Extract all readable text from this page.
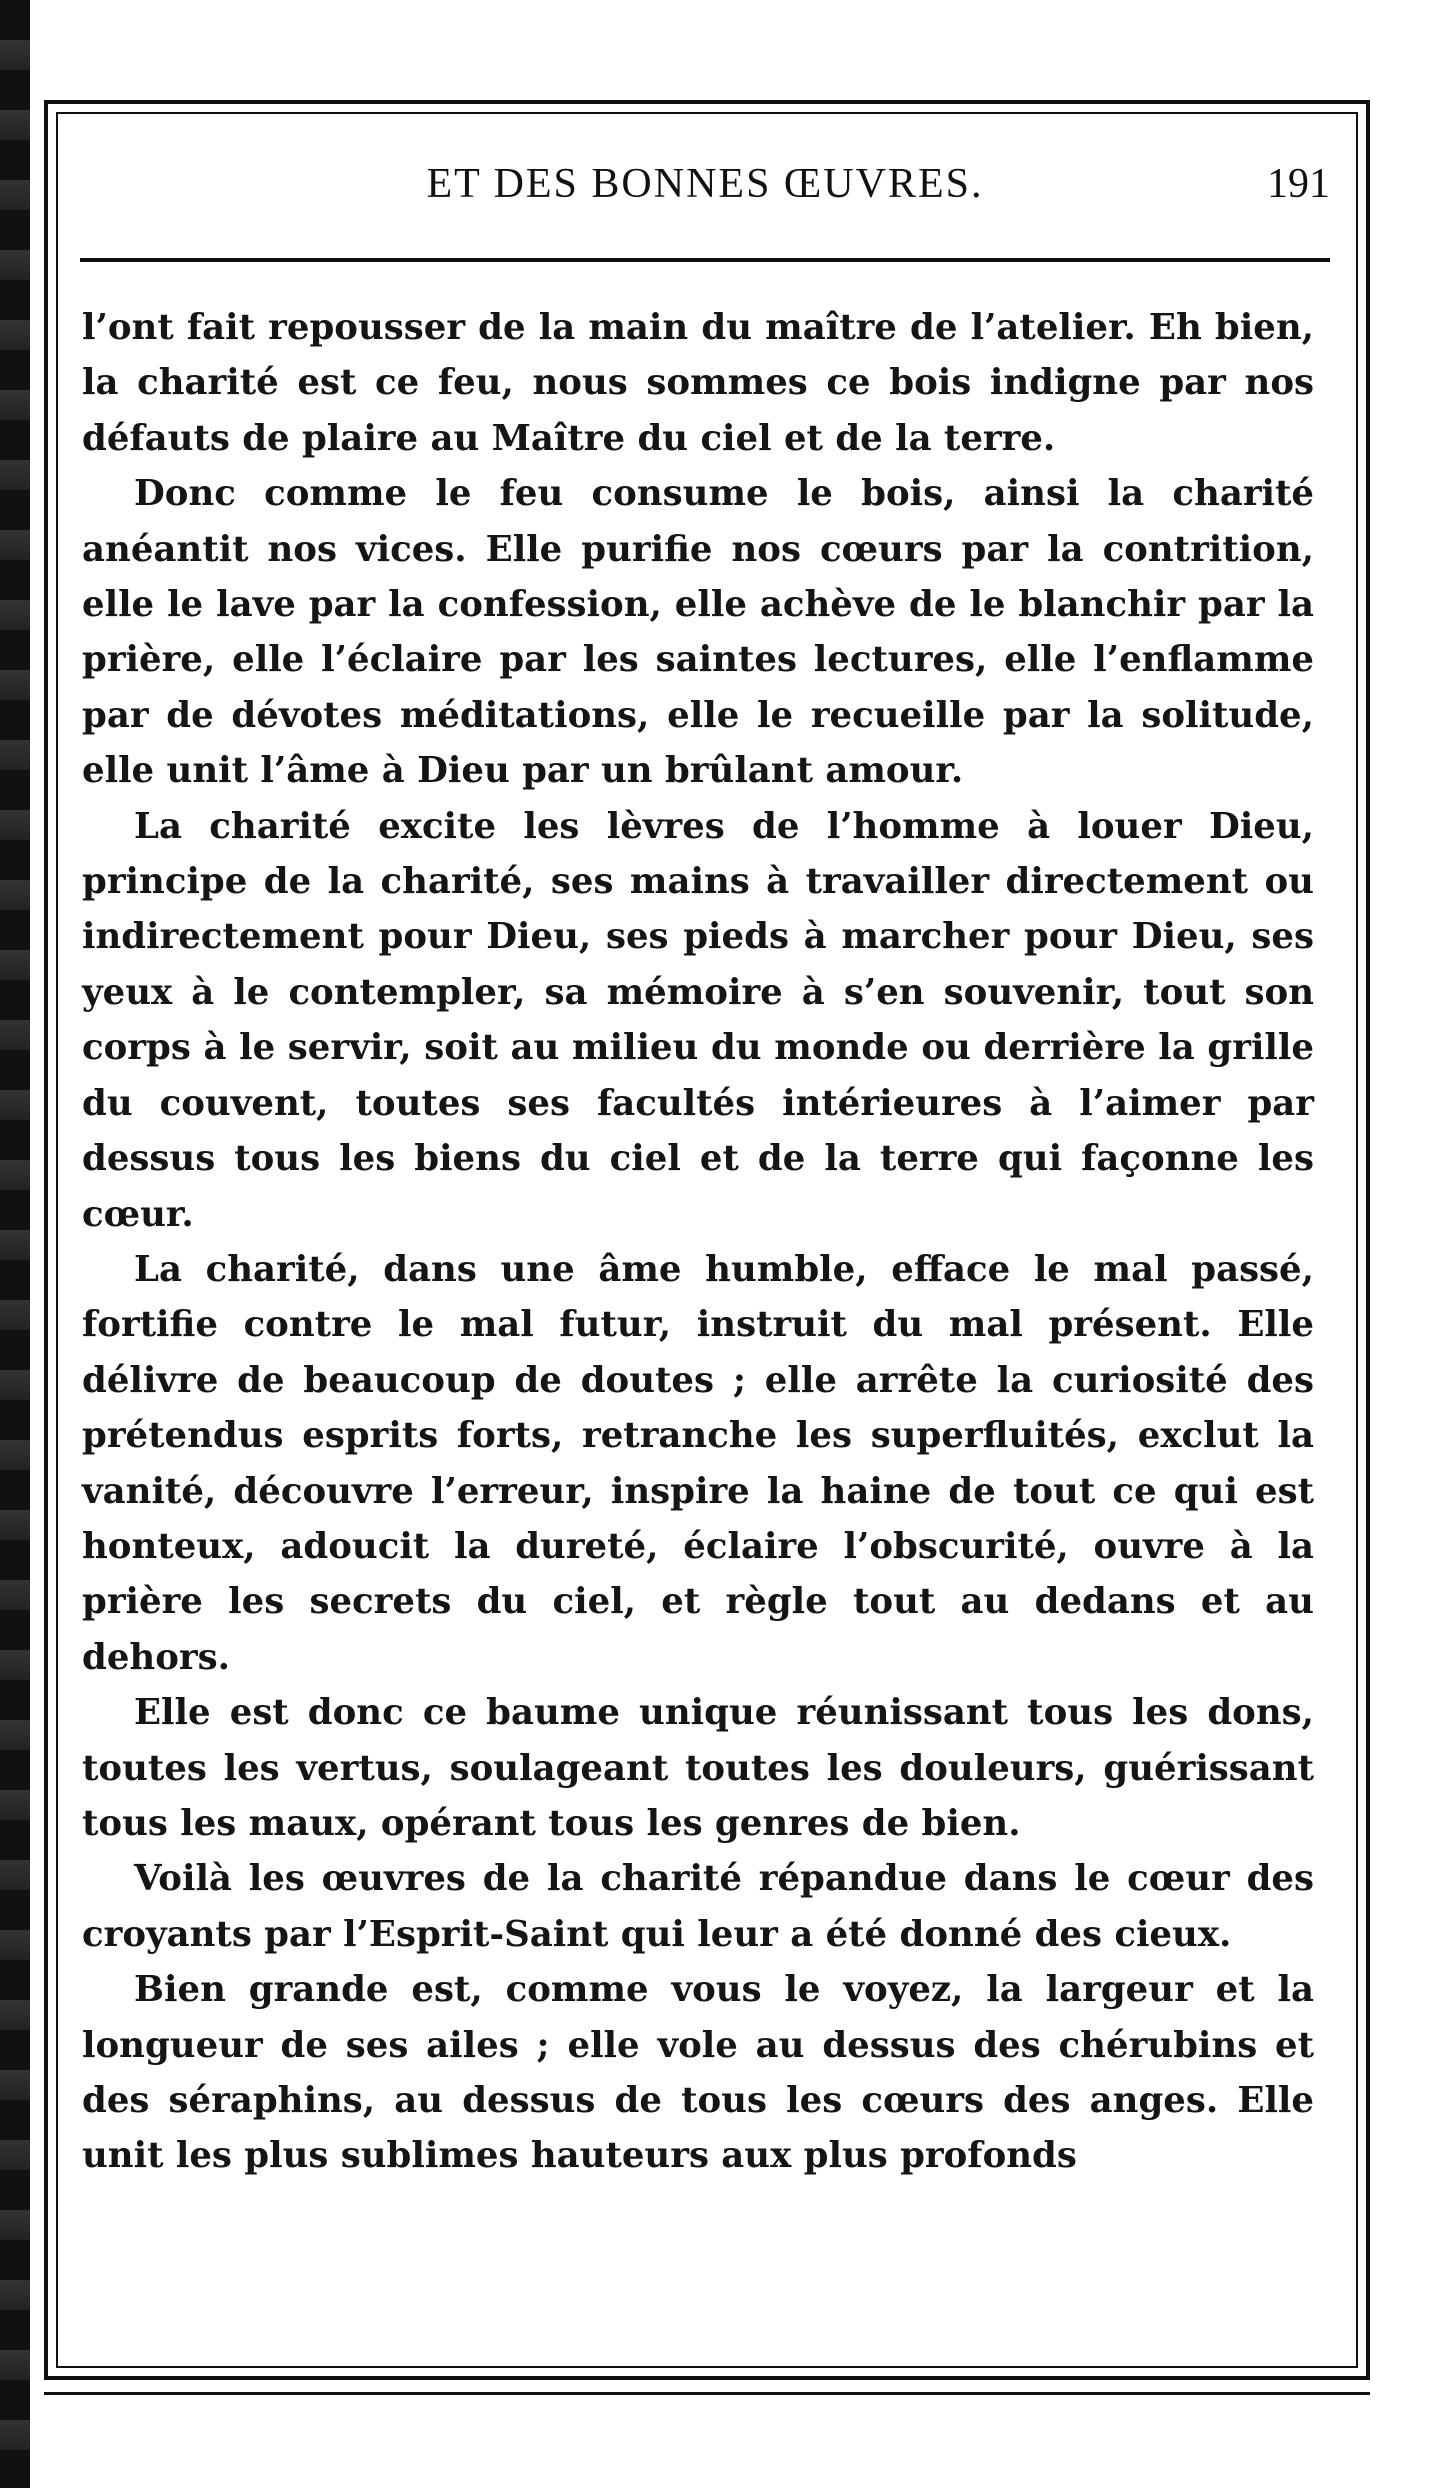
ET DES BONNES ŒUVRES.	191

l’ont fait repousser de la main du maître de l’atelier. Eh bien, la charité est ce feu, nous sommes ce bois indigne par nos défauts de plaire au Maître du ciel et de la terre.

Donc comme le feu consume le bois, ainsi la charité anéantit nos vices. Elle purifie nos cœurs par la contrition, elle le lave par la confession, elle achève de le blanchir par la prière, elle l’éclaire par les saintes lectures, elle l’enflamme par de dévotes méditations, elle le recueille par la solitude, elle unit l’âme à Dieu par un brûlant amour.

La charité excite les lèvres de l’homme à louer Dieu, principe de la charité, ses mains à travailler directement ou indirectement pour Dieu, ses pieds à marcher pour Dieu, ses yeux à le contempler, sa mémoire à s’en souvenir, tout son corps à le servir, soit au milieu du monde ou derrière la grille du couvent, toutes ses facultés intérieures à l’aimer par dessus tous les biens du ciel et de la terre qui façonne les cœur.

La charité, dans une âme humble, efface le mal passé, fortifie contre le mal futur, instruit du mal présent. Elle délivre de beaucoup de doutes ; elle arrête la curiosité des prétendus esprits forts, retranche les superfluités, exclut la vanité, découvre l’erreur, inspire la haine de tout ce qui est honteux, adoucit la dureté, éclaire l’obscurité, ouvre à la prière les secrets du ciel, et règle tout au dedans et au dehors.

Elle est donc ce baume unique réunissant tous les dons, toutes les vertus, soulageant toutes les douleurs, guérissant tous les maux, opérant tous les genres de bien.

Voilà les œuvres de la charité répandue dans le cœur des croyants par l’Esprit-Saint qui leur a été donné des cieux.

Bien grande est, comme vous le voyez, la largeur et la longueur de ses ailes ; elle vole au dessus des chérubins et des séraphins, au dessus de tous les cœurs des anges. Elle unit les plus sublimes hauteurs aux plus profonds
